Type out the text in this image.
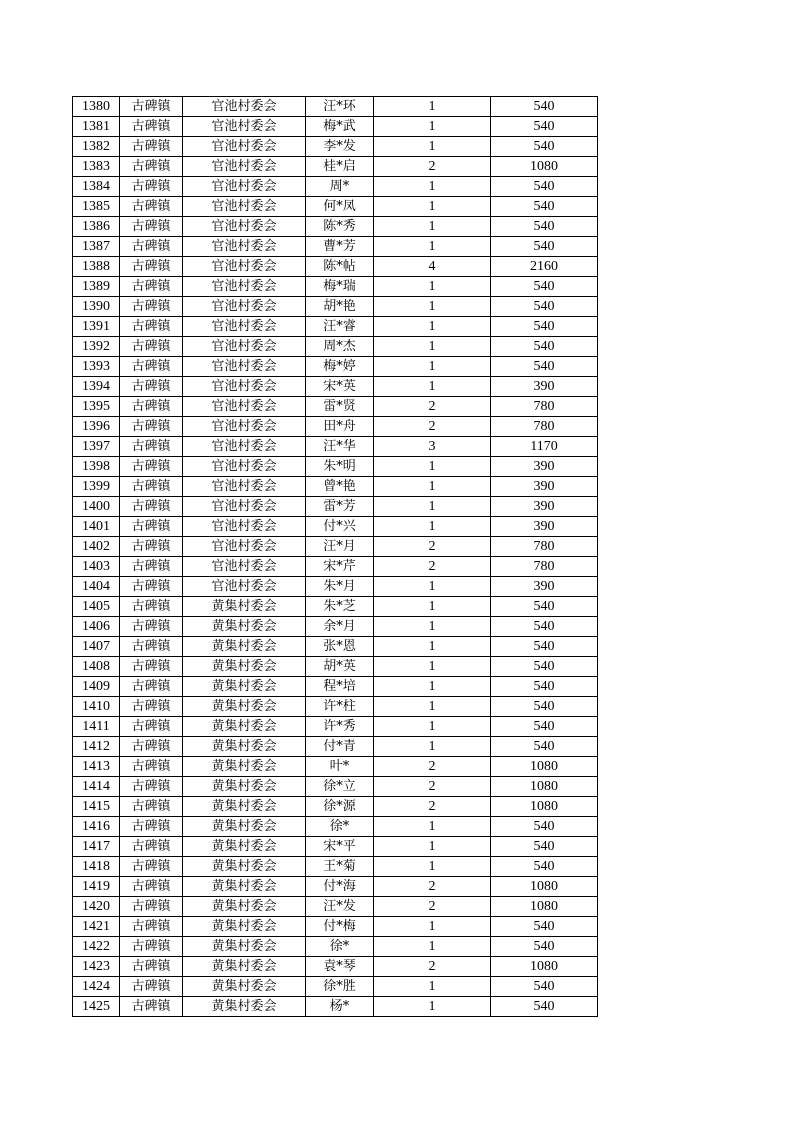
1380	古碑镇	官池村委会	汪*环	1	540
1381	古碑镇	官池村委会	梅*武	1	540
1382	古碑镇	官池村委会	李*发	1	540
1383	古碑镇	官池村委会	桂*启	2	1080
1384	古碑镇	官池村委会	周*	1	540
1385	古碑镇	官池村委会	何*凤	1	540
1386	古碑镇	官池村委会	陈*秀	1	540
1387	古碑镇	官池村委会	曹*芳	1	540
1388	古碑镇	官池村委会	陈*帖	4	2160
1389	古碑镇	官池村委会	梅*瑞	1	540
1390	古碑镇	官池村委会	胡*艳	1	540
1391	古碑镇	官池村委会	汪*睿	1	540
1392	古碑镇	官池村委会	周*杰	1	540
1393	古碑镇	官池村委会	梅*婷	1	540
1394	古碑镇	官池村委会	宋*英	1	390
1395	古碑镇	官池村委会	雷*贤	2	780
1396	古碑镇	官池村委会	田*舟	2	780
1397	古碑镇	官池村委会	汪*华	3	1170
1398	古碑镇	官池村委会	朱*明	1	390
1399	古碑镇	官池村委会	曾*艳	1	390
1400	古碑镇	官池村委会	雷*芳	1	390
1401	古碑镇	官池村委会	付*兴	1	390
1402	古碑镇	官池村委会	汪*月	2	780
1403	古碑镇	官池村委会	宋*芹	2	780
1404	古碑镇	官池村委会	朱*月	1	390
1405	古碑镇	黄集村委会	朱*芝	1	540
1406	古碑镇	黄集村委会	余*月	1	540
1407	古碑镇	黄集村委会	张*恩	1	540
1408	古碑镇	黄集村委会	胡*英	1	540
1409	古碑镇	黄集村委会	程*培	1	540
1410	古碑镇	黄集村委会	许*柱	1	540
1411	古碑镇	黄集村委会	许*秀	1	540
1412	古碑镇	黄集村委会	付*青	1	540
1413	古碑镇	黄集村委会	叶*	2	1080
1414	古碑镇	黄集村委会	徐*立	2	1080
1415	古碑镇	黄集村委会	徐*源	2	1080
1416	古碑镇	黄集村委会	徐*	1	540
1417	古碑镇	黄集村委会	宋*平	1	540
1418	古碑镇	黄集村委会	王*菊	1	540
1419	古碑镇	黄集村委会	付*海	2	1080
1420	古碑镇	黄集村委会	汪*发	2	1080
1421	古碑镇	黄集村委会	付*梅	1	540
1422	古碑镇	黄集村委会	徐*	1	540
1423	古碑镇	黄集村委会	袁*琴	2	1080
1424	古碑镇	黄集村委会	徐*胜	1	540
1425	古碑镇	黄集村委会	杨*	1	540
